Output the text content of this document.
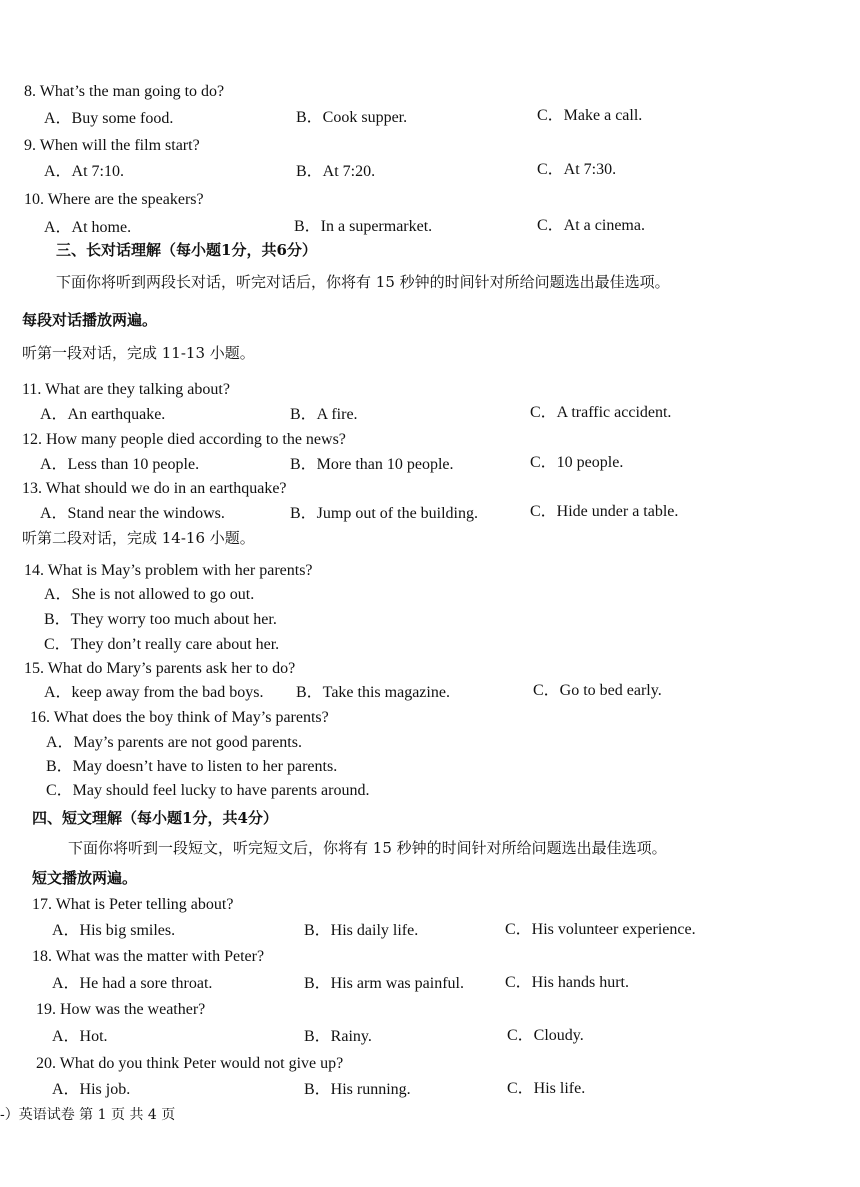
8. What’s the man going to do?
A．Buy some food.	B．Cook supper.	C．Make a call.
9. When will the film start?
A．At 7:10.	B．At 7:20.	C．At 7:30.
10. Where are the speakers?
A．At home.	B．In a supermarket.	C．At a cinema.
三、长对话理解（每小题1分，共6分）
下面你将听到两段长对话，听完对话后，你将有 15 秒钟的时间针对所给问题选出最佳选项。
每段对话播放两遍。
听第一段对话，完成 11-13 小题。
11. What are they talking about?
A．An earthquake.	B．A fire.	C．A traffic accident.
12. How many people died according to the news?
A．Less than 10 people.	B．More than 10 people.	C．10 people.
13. What should we do in an earthquake?
A．Stand near the windows.	B．Jump out of the building.	C．Hide under a table.
听第二段对话，完成 14-16 小题。
14. What is May’s problem with her parents?
A．She is not allowed to go out.
B．They worry too much about her.
C．They don’t really care about her.
15. What do Mary’s parents ask her to do?
A．keep away from the bad boys. B．Take this magazine.	C．Go to bed early.
16. What does the boy think of May’s parents?
A．May’s parents are not good parents.
B．May doesn’t have to listen to her parents.
C．May should feel lucky to have parents around.
四、短文理解（每小题1分，共4分）
下面你将听到一段短文，听完短文后，你将有 15 秒钟的时间针对所给问题选出最佳选项。
短文播放两遍。
17. What is Peter telling about?
A．His big smiles.	B．His daily life.	C．His volunteer experience.
18. What was the matter with Peter?
A．He had a sore throat.	B．His arm was painful.	C．His hands hurt.
19. How was the weather?
A．Hot.	B．Rainy.	C．Cloudy.
20. What do you think Peter would not give up?
A．His job.	B．His running.	C．His life.
-）英语试卷 第 1 页 共 4 页
